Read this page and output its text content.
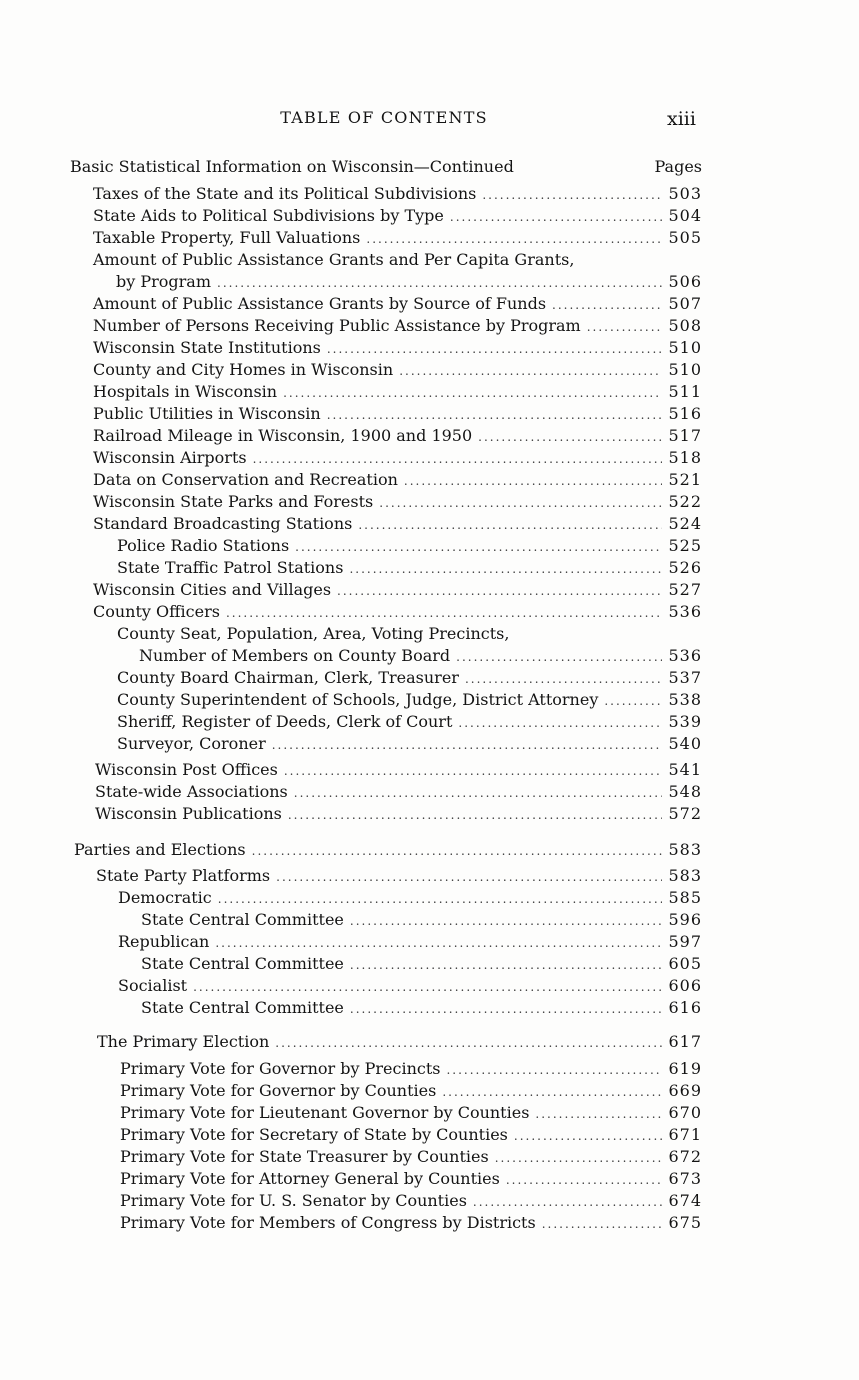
TABLE OF CONTENTS	xiii
Basic Statistical Information on Wisconsin—Continued	Pages
Taxes of the State and its Political Subdivisions .....	503
State Aids to Political Subdivisions by Type .....	504
Taxable Property, Full Valuations .....	505
Amount of Public Assistance Grants and Per Capita Grants,
by Program .....	506
Amount of Public Assistance Grants by Source of Funds .....	507
Number of Persons Receiving Public Assistance by Program .....	508
Wisconsin State Institutions .....	510
County and City Homes in Wisconsin .....	510
Hospitals in Wisconsin .....	511
Public Utilities in Wisconsin .....	516
Railroad Mileage in Wisconsin, 1900 and 1950 .....	517
Wisconsin Airports .....	518
Data on Conservation and Recreation .....	521
Wisconsin State Parks and Forests .....	522
Standard Broadcasting Stations .....	524
Police Radio Stations .....	525
State Traffic Patrol Stations .....	526
Wisconsin Cities and Villages .....	527
County Officers .....	536
County Seat, Population, Area, Voting Precincts,
Number of Members on County Board .....	536
County Board Chairman, Clerk, Treasurer .....	537
County Superintendent of Schools, Judge, District Attorney .....	538
Sheriff, Register of Deeds, Clerk of Court .....	539
Surveyor, Coroner .....	540
Wisconsin Post Offices .....	541
State-wide Associations .....	548
Wisconsin Publications .....	572
Parties and Elections .....	583
State Party Platforms .....	583
Democratic .....	585
State Central Committee .....	596
Republican .....	597
State Central Committee .....	605
Socialist .....	606
State Central Committee .....	616
The Primary Election .....	617
Primary Vote for Governor by Precincts .....	619
Primary Vote for Governor by Counties .....	669
Primary Vote for Lieutenant Governor by Counties .....	670
Primary Vote for Secretary of State by Counties .....	671
Primary Vote for State Treasurer by Counties .....	672
Primary Vote for Attorney General by Counties .....	673
Primary Vote for U. S. Senator by Counties .....	674
Primary Vote for Members of Congress by Districts .....	675
